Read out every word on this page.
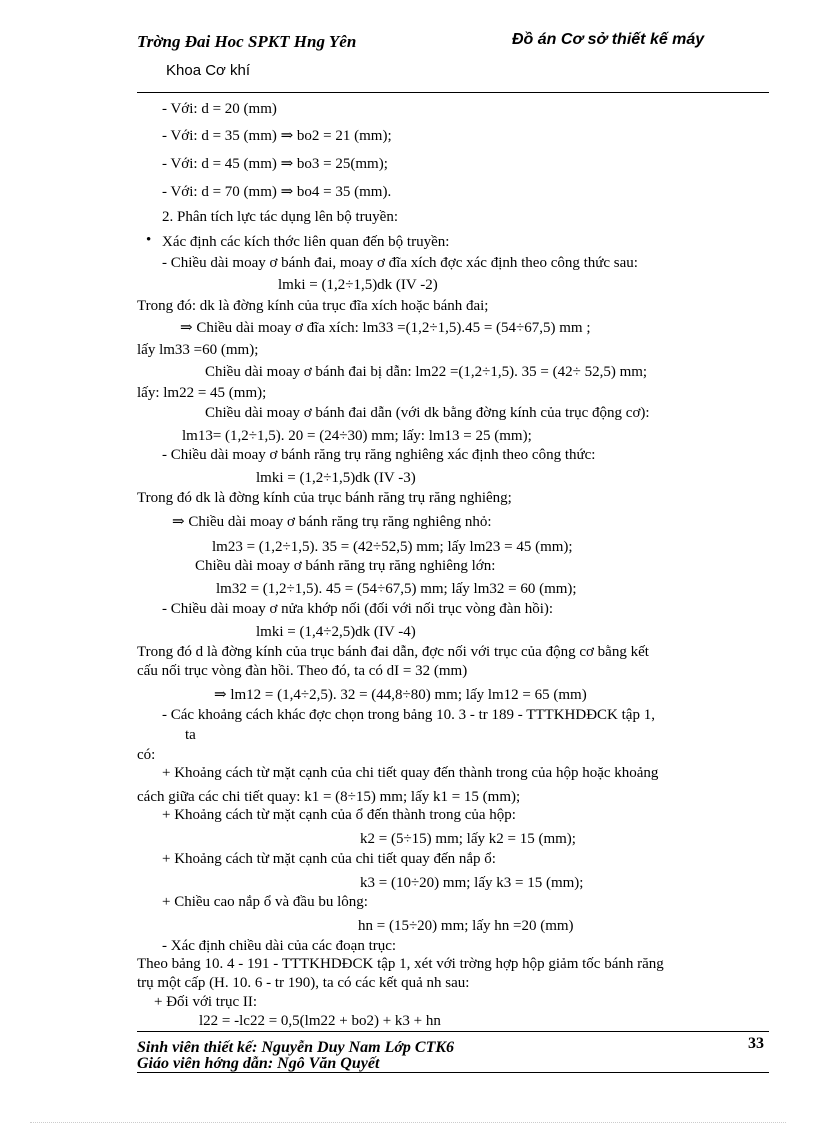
Trờng Đai Hoc SPKT Hng Yên	Đồ án Cơ sở thiết kế máy
Khoa Cơ khí
- Với: d = 20 (mm)
- Với: d = 35 (mm) ⇒ bo2 = 21 (mm);
- Với: d = 45 (mm) ⇒ bo3 = 25(mm);
- Với: d = 70 (mm) ⇒ bo4 = 35 (mm).
2. Phân tích lực tác dụng lên bộ truyền:
• Xác định các kích thớc liên quan đến bộ truyền:
- Chiều dài moay ơ bánh đai, moay ơ đĩa xích đợc xác định theo công thức sau:
lmki = (1,2÷1,5)dk (IV -2)
Trong đó: dk là đờng kính của trục đĩa xích hoặc bánh đai;
⇒ Chiều dài moay ơ đĩa xích: lm33 =(1,2÷1,5).45 = (54÷67,5) mm ;
lấy lm33 =60 (mm);
Chiều dài moay ơ bánh đai bị dẫn: lm22 =(1,2÷1,5). 35 = (42÷ 52,5) mm;
lấy: lm22 = 45 (mm);
Chiều dài moay ơ bánh đai dẫn (với dk bằng đờng kính của trục động cơ):
lm13= (1,2÷1,5). 20 = (24÷30) mm; lấy: lm13 = 25 (mm);
- Chiều dài moay ơ bánh răng trụ răng nghiêng xác định theo công thức:
lmki = (1,2÷1,5)dk (IV -3)
Trong đó dk là đờng kính của trục bánh răng trụ răng nghiêng;
⇒ Chiều dài moay ơ bánh răng trụ răng nghiêng nhỏ:
lm23 = (1,2÷1,5). 35 = (42÷52,5) mm; lấy lm23 = 45 (mm);
Chiều dài moay ơ bánh răng trụ răng nghiêng lớn:
lm32 = (1,2÷1,5). 45 = (54÷67,5) mm; lấy lm32 = 60 (mm);
- Chiều dài moay ơ nửa khớp nối (đối với nối trục vòng đàn hồi):
lmki = (1,4÷2,5)dk (IV -4)
Trong đó d là đờng kính của trục bánh đai dẫn, đợc nối với trục của động cơ bằng kết
cấu nối trục vòng đàn hồi. Theo đó, ta có dI = 32 (mm)
⇒ lm12 = (1,4÷2,5). 32 = (44,8÷80) mm; lấy lm12 = 65 (mm)
- Các khoảng cách khác đợc chọn trong bảng 10. 3 - tr 189 - TTTKHDĐCK tập 1,
ta
có:
+ Khoảng cách từ mặt cạnh của chi tiết quay đến thành trong của hộp hoặc khoảng
cách giữa các chi tiết quay: k1 = (8÷15) mm; lấy k1 = 15 (mm);
+ Khoảng cách từ mặt cạnh của ổ đến thành trong của hộp:
k2 = (5÷15) mm; lấy k2 = 15 (mm);
+ Khoảng cách từ mặt cạnh của chi tiết quay đến nắp ổ:
k3 = (10÷20) mm; lấy k3 = 15 (mm);
+ Chiều cao nắp ổ và đầu bu lông:
hn = (15÷20) mm; lấy hn =20 (mm)
- Xác định chiều dài của các đoạn trục:
Theo bảng 10. 4 - 191 - TTTKHDĐCK tập 1, xét với trờng hợp hộp giảm tốc bánh răng
trụ một cấp (H. 10. 6 - tr 190), ta có các kết quả nh sau:
+ Đối với trục II:
l22 = -lc22 = 0,5(lm22 + bo2) + k3 + hn
Sinh viên thiết kế: Nguyễn Duy Nam Lớp CTK6	33
Giáo viên hớng dẫn: Ngô Văn Quyết
